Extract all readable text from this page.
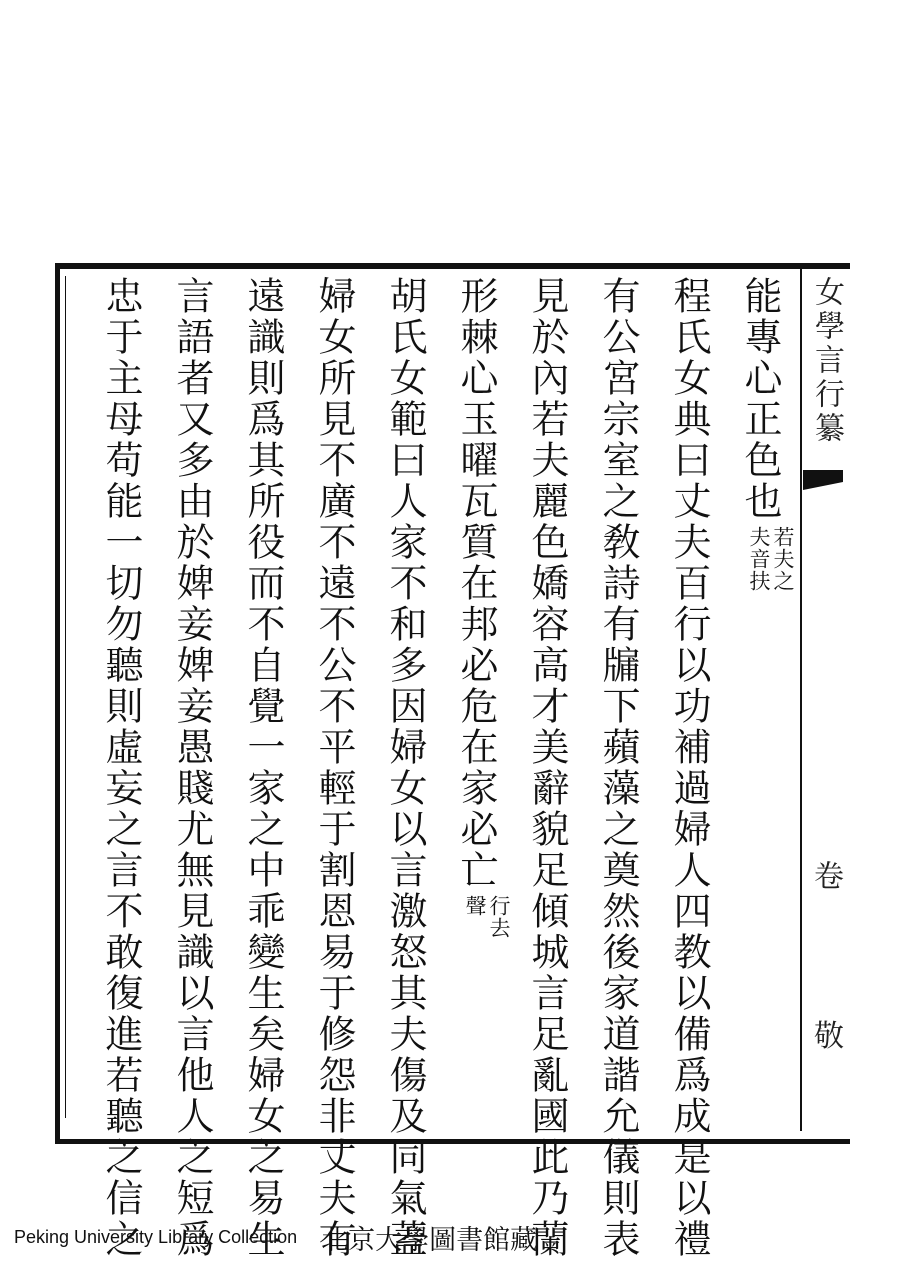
女學言行纂
卷 敬
能專心正色也
若夫之
夫音扶
程氏女典曰丈夫百行以功補過婦人四教以備爲成是以禮
有公宮宗室之敎詩有牖下蘋藻之奠然後家道諧允儀則表
見於內若夫麗色嬌容高才美辭貌足傾城言足亂國此乃蘭
形棘心玉曜瓦質在邦必危在家必亡
行去
聲
胡氏女範曰人家不和多因婦女以言激怒其夫傷及同氣蓋
婦女所見不廣不遠不公不平輕于割恩易于修怨非丈夫有
遠識則爲其所役而不自覺一家之中乖變生矣婦女之易生
言語者又多由於婢妾婢妾愚賤尤無見識以言他人之短爲
忠于主母苟能一切勿聽則虛妄之言不敢復進若聽之信之
Peking University Library Collection 北京大學圖書館藏
